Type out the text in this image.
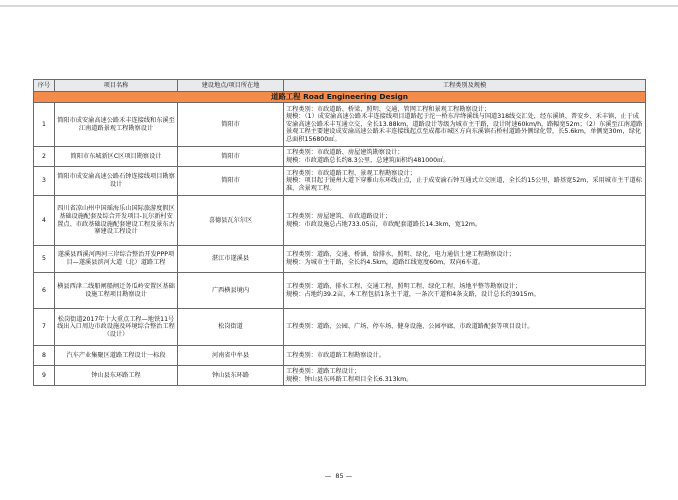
序号	项目名称	建设地点/项目所在地	工程类别及规模
道路工程 Road Engineering Design			
1	简阳市成安渝高速公路禾丰连接线和东溪至江南道路景观工程勘察设计	简阳市	工程类别：市政道路、桥梁、照明、交通、管网工程和景观工程勘察设计；
规模：（1）成安渝高速公路禾丰连接线项目道路起于沱一桥东岸绛溪线与国道318线交汇处，经东溪镇、普安乡、禾丰镇，止于成安渝高速公路禾丰互通立交，全长13.88km，道路设计等级为城市主干路，设计时速60km/h，路幅宽52m；（2）东溪至江南道路景观工程主要建设成安渝高速公路禾丰连接线起点至成都市城区方向东溪镇石桥村道路外侧绿化带，长5.6km，单侧宽30m，绿化总面积156800㎡。

2	简阳市东城新区C区项目勘察设计	简阳市	工程类别：市政道路、房屋建筑勘察设计；
规模：市政道路总长约8.3公里，总建筑面积约481000㎡。

3	简阳市成安渝高速公路石钟连接线项目勘察设计	简阳市	工程类别：市政道路工程、景观工程勘察设计；
规模：项目起于镜州大道下穿雅山东环线止点，止于成安渝石钟互通式立交匝道，全长约15公里，路基宽52m，采用城市主干道标准，含景观工程。

4	四川省凉山州中国瑶海乐山国际旅游度假区基础设施配套及综合开发项目-瓦尔新村安置点、市政基础设施配套建设工程及景东古寨建设工程设计	喜德县瓦尔尔区	工程类别：房屋建筑、市政道路设计；
规模：市政设施总占地733.05亩，市政配套道路长14.3km，宽12m。

5	遂溪县西溪河两河三岸综合整治开发PPP项目—遂溪县滨河大道（北）道路工程	湛江市遂溪县	工程类别：道路、交通、桥涵、给排水、照明、绿化、电力通信土建工程勘察设计；
规模：为城市主干路，全长约4.5km，道路红线宽度60m，双向6车道。

6	横县西津二线船闸船闸迁务瓜岭安置区基础设施工程项目勘察设计	广西横县境内	工程类别：道路、排水工程、交通工程、照明工程、绿化工程、场地平整等勘察设计；
规模：占地约39.2亩，本工程包括1条主干道，一条次干道和4条支路，设计总长约3915m。

7	松岗街道2017年十大重点工程—地铁11号线出入口周边市政设施及环境综合整治工程（设计）	松岗街道	工程类别：道路、公园、广场、停车场、健身设施、公园亭廊、市政道路配套等项目设计。

8	汽车产业集聚区道路工程设计一标段	河南省中牟县	工程类别：市政道路工程勘察设计。

9	钟山县东环路工程	钟山县东环路	工程类别：道路工程设计；
规模：钟山县东环路工程项目全长6.313km。
— 85 —
